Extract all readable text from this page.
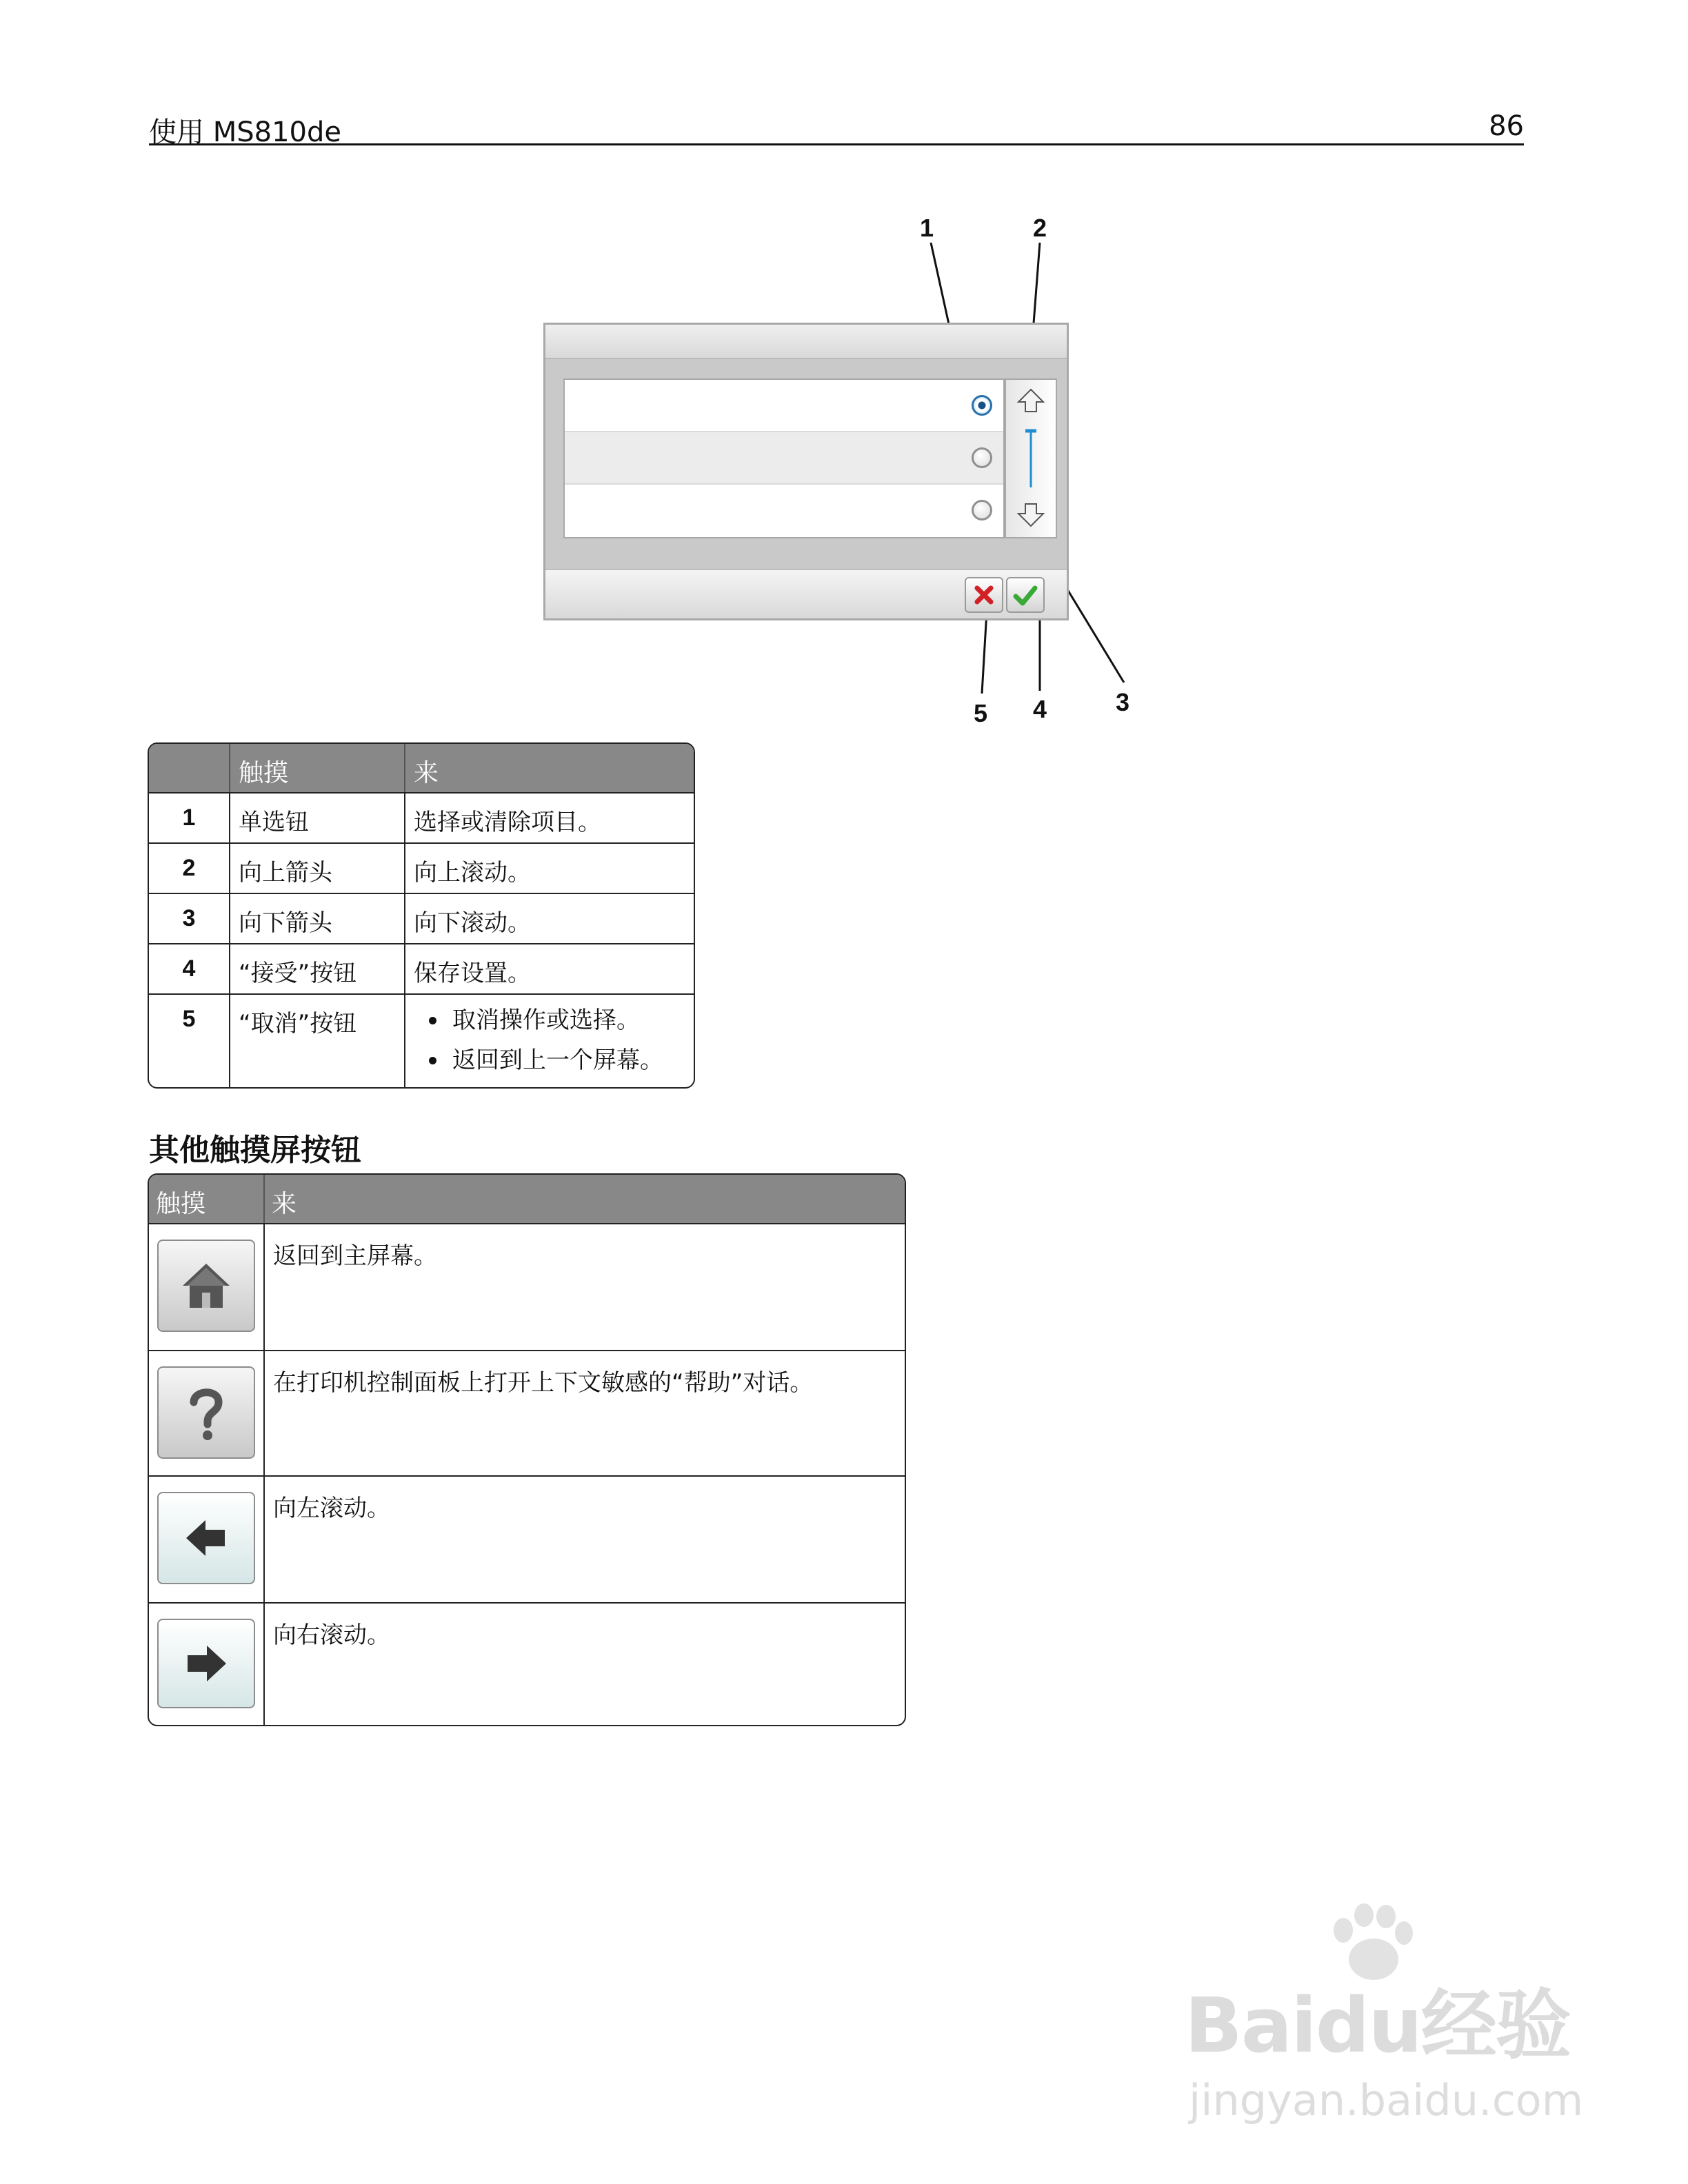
使用 MS810de	86
1	2
3
4
5
触摸	来
1	单选钮	选择或清除项目。
2	向上箭头	向上滚动。
3	向下箭头	向下滚动。
4	“接受”按钮	保存设置。
5	“取消”按钮	取消操作或选择。
返回到上一个屏幕。
其他触摸屏按钮
触摸	来
返回到主屏幕。
在打印机控制面板上打开上下文敏感的“帮助”对话。
向左滚动。
向右滚动。
Baidu经验
jingyan.baidu.com
